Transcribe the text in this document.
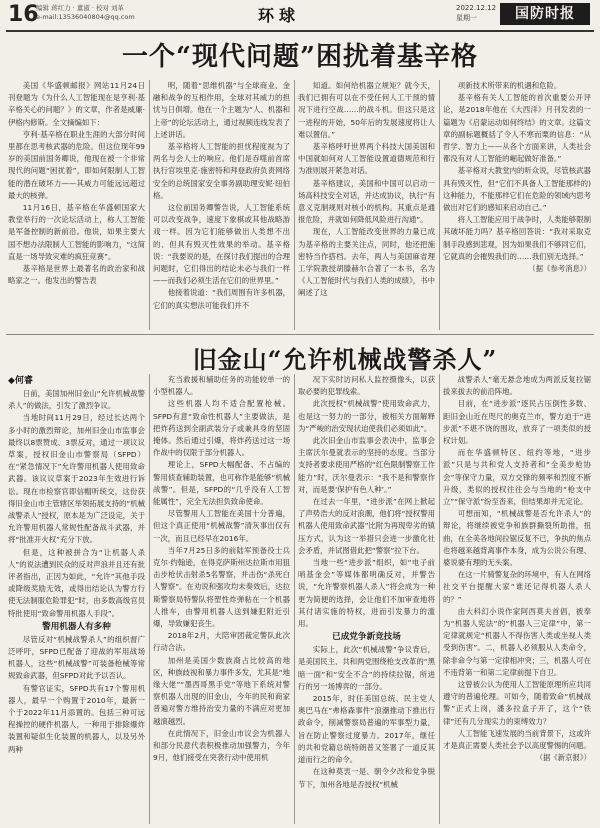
16
编辑 蒋红力 · 董淑 · 校对 刘革
e-mail:13536040804@qq.com	环球	2022.12.12
星期一	国防时报
一个“现代问题”困扰着基辛格

美国《华盛顿邮报》网站11月24日刊登题为《为什么人工智能现在是亨利·基辛格关心的问题？》的文章，作者是威廉·伊格内修斯。全文摘编如下：

亨利·基辛格在职业生涯的大部分时间里都在思考核武器的危险。但这位现年99岁的美国前国务卿说，他现在被一个非常现代的问题“困扰着”，即如何限制人工智能的潜在破坏力——其威力可能远远超过最大的核弹。

11月16日，基辛格在华盛顿国家大教堂举行的一次论坛活动上，称人工智能是军备控制的新前沿。他说，如果主要大国不想办法限制人工智能的影响力，“这简直是一场导致灾难的疯狂竞赛”。

基辛格是世界上最著名的政治家和战略家之一。他发出的警告表

明，随着“思维机器”与全球商业、金融和战争的互相作用，全球对其威力的担忧与日俱增。他在一个主题为“人、机器和上帝”的论坛活动上，通过视频连线发表了上述讲话。

基辛格将人工智能的担忧程度视为了两名与会人士的响应。他们是吞噬前首席执行官埃里克·施密特和拜登政府负责网络安全的总统国家安全事务副助理安妮·纽伯格。

这位前国务卿警告说，人工智能系统可以改变战争，速度下象棋或其他战略游戏一样。因为它们能够做出人类想不出的、但具有毁灭性效果的举动。基辛格说：“我要说的是，在探讨我们提出的合理问题时，它们得出的结论未必与我们一样——而我们必须生活在它们的世界里。”

他接着说道：“我们周围有许多机器，它们的真实想法可能我们并不

知道。如何给机器立规矩？就今天，我们已拥有可以在不受任何人工干预的情况下进行空战……的战斗机。但这只是这一进程的开始，50年后的发展速度将让人难以置信。”

基辛格呼吁世界两个科技大国美国和中国就如何对人工智能设置道德规范和行为准则展开紧急对话。

基辛格建议，美国和中国可以启动一场高科技安全对话，并达成协议，执行“有意义克制规则对核小的机构。其重点是通报危险，并就如何降低风险进行沟通”。

现在，人工智能改变世界的力量已成为基辛格的主要关注点，同时，他还把施密特当作搭档。去年，两人与美国麻省理工学院教授胡滕赫尔合著了一本书，名为《人工智能时代与我们人类的成绩》，书中阐述了这

项新技术所带来的机遇和危险。

基辛格有关人工智能的首次重要公开评论，是2018年他在《大西洋》月刊发表的一篇题为《启蒙运动如何终结》的文章。这篇文章的副标题概括了令人不寒而栗的信息：“从哲学、智力上——从各个方面来讲，人类社会都没有对人工智能的崛起做好准备。”

基辛格对大教堂内的听众说，尽管核武器具有毁灭性，但“它们不具备人工智能那样的)这种能力，不能那样它们在危险的领域内思考做出对它们的感知来启动自己。”

将人工智能应用于战争时，人类能够限制其破坏能力吗？基辛格回答说：“我对采取克制手段感到悲观，因为如果我们不够同它们，它就真的会摧毁我们的……我们别无选择。”

（据《参考消息》）

旧金山“允许机械战警杀人”

◆何睿

日前，美国加州旧金山“允许机械战警杀人”的做法，引发了激烈争议。

当地时间11月29日，经过长达两个多小时的激烈辩论，加州旧金山市监事会最终以8票赞成、3票反对，通过一项议议草案，授权旧金山市警察局（SFPD）在“紧急情况下”允许警用机器人使用致命武器。该议议草案于2023年生效进行诉讼。现在市检察官即信帽听统交，这份获得旧金山市主管辖区举领拓展支持的“机械战警杀人”授权，原本是为广泛设定，关于允许警用机器人常规性配备战斗武器，并将“批准开火权”充分下放。

但是，这种被拼合为“让机器人杀人”的说法遭到民众的反对声浪并且还有批评者指出，正因为如此，“允许”其他手段或降级奖励无效，或得出结论认为警方行使无法制服危险罪犯“时，由多数高级官员特批使用“致命警用机器人手段”。

警用机器人有多种

尽管反对“机械战警杀人”的组织督广泛呼吁，SFPD已配备了迎战的军用战场机器人，这些“机械战警”可装备枪械等常规致命武器，但SFPD对此予以否认。

有警官证实，SFPD共有17个警用机器人，最早一个购置于2010年，最新一个于2022年11月添置的。包括三种可远程操控的硬件机器人，一种用于排除爆炸装置和疑似生化装置的机器人，以及另外两种

充当救援和辅助任务的功能较单一的小型机器人。

这些机器人均不适合配置枪械。SFPD有意“致命性机器人”主要做法，是把炸药送到全副武装分子或兼具身的坚固掩体。然后通过引爆，将炸药送过这一场作战中的仅限于部分机器人。

理论上，SFPD大幅配备、不占编的警用侦查辅助装置，也可称作是能够“机械战警”。但是，SFPD的“几乎没有人工智能属性”，完全无法担负致命使命。

尽管警用人工智能在美国十分普遍，但这个真正使用“机械战警”清灰事出仅有一次，而且已经早在2016年。

当年7月25日多的前陆军预备役士兵克尔·约翰逊，在得克萨斯州达拉斯市用狙击步枪伏击射杀5名警察，并击伤“杀死白人警察”。在劝说和强攻均未奏效后，达拉斯警察局特警队将塑性炸弹粘在一个机器人推车，由警用机器人送到嫌犯附近引爆，导致嫌犯丧生。

2018年2月，大陪审团裁定警队此次行动合法。

加州是美国少数族裔占比较高的地区，种族歧视和暴力事件多发，尤其是“地缘大佬”“墨西哥黑手党”等地下系统对警察机器人出现的旧金山，今年的民和商家普遍对警方维持治安力量的不满应对更加越演越烈。

在此情况下，旧金山市议会为机器人和部分民意代表积极推动加强警力，今年9月，他们接受在突袭行动中使用机

况下实时访问私人监控摄像头，以获取必要的犯罪线索。

此次授权“机械战警”使用致命武力，也是这一努力的一部分，被相关方面解释为“严峻的治安现状迫使我们必须如此”。

此次旧金山市监事会表决中，监事会主席沃尔曼就表示的坚持的态度。当部分支持者要求使用严格的“红色限制警察工作能力”时，沃尔曼表示：“我不是和警察作对，而是要‘保护有色人种’。”

在过去一年里，“进步派”在网上掀起了声势浩大的反对浪潮，他们将“授权警用机器人使用致命武器”比附为再现卑劣的镇压方式，认为这一举措只会进一步激化社会矛盾，并试图借此把“警察”拉下台。

当地一些“进步派”组织，如“电子前哨基金会”等媒体都明确反对，并警告说，“允许警察机器人杀人”将会成为一种更为简便的选择，会让他们不加审查地将其付诸实施的特权，进而引发暴力的滥用。

已成党争新竞技场

实际上，此次“机械战警”争议背后，是美国民主、共和两党围绕枪支改革的“黑暗一面”和“安全不合”的持续拉锯，所进行的另一场博弈的一部分。

2015年，时任美国总统、民主党人奥巴马在“弗格森事件”浪潮推动下推出行政命令，削减警察局普遍的军事型力量，旨在防止警察过度暴力。2017年，继任的共和党籍总统特朗普又签署了一道反其道而行之的命令。

在这种莫衷一是、朝令夕改和党争脱节下，加州各地是否授权“机械

战警杀人”毫无悬念地成为两派反复拉锯拔来拔去的前沿阵地。

目前，在“进步派”逐民占压倒性多数、距旧金山近在咫尺的奥克兰市，警方迫于“进步派”不堪不饶的围攻，放弃了一项类似的授权计划。

而在华盛顿特区、纽约等地，“进步派”只是与共和党人支持者和“全美步枪协会”等保守力量，双方交锋的频率和烈度不断升级，类似的授权往往会与当地的“枪支中立”“保守派”纷至沓来，但结果却并无定论。

可想而知，“机械战警是否允许杀人”的辩论，将继续被党争和族群撕裂所助推，扭曲，在全美各地间拉锯反复不已，争执的焦点也将越来越背离事件本身，成为公说公有理、婆说婆有理的无头案。

在这一片骑警复杂的环境中，有人在网络社交平台提醒大家“谁还记得机器人杀人的？”

由大科幻小说作家阿西莫夫首倡，被奉为“机器人宪法”的“机器人三定律”中，第一定律就规定“机器人不得伤害人类或坐视人类受到伤害”。二，机器人必须服从人类命令，除非命令与第一定律相冲突；三，机器人可在不违背第一和第二定律前提下自卫。

这曾被公认为使用人工智能原理所应共同遵守的普遍伦理。可如今，随着致命“机械战警”正式上岗，潘多拉盒子开了，这个“铁律”还有几分现实力的束缚效力？

人工智能飞速发展的当前背景下，这或许才是真正需要人类社会予以高度警惕的问题。

（据《新京报》）
